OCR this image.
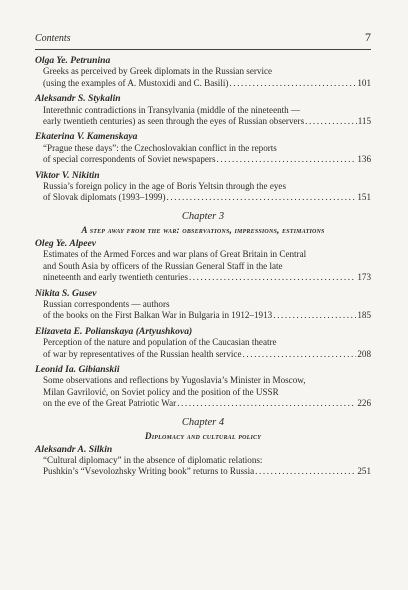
Contents	7
Olga Ye. Petrunina
Greeks as perceived by Greek diplomats in the Russian service
(using the examples of A. Mustoxidi and C. Basili) .....	101
Aleksandr S. Stykalin
Interethnic contradictions in Transylvania (middle of the nineteenth —
early twentieth centuries) as seen through the eyes of Russian observers .....	115
Ekaterina V. Kamenskaya
“Prague these days”: the Czechoslovakian conflict in the reports
of special correspondents of Soviet newspapers .....	136
Viktor V. Nikitin
Russia’s foreign policy in the age of Boris Yeltsin through the eyes
of Slovak diplomats (1993–1999) .....	151
Chapter 3
A step away from the war: observations, impressions, estimations
Oleg Ye. Alpeev
Estimates of the Armed Forces and war plans of Great Britain in Central
and South Asia by officers of the Russian General Staff in the late
nineteenth and early twentieth centuries .....	173
Nikita S. Gusev
Russian correspondents — authors
of the books on the First Balkan War in Bulgaria in 1912–1913 .....	185
Elizaveta E. Polianskaya (Artyushkova)
Perception of the nature and population of the Caucasian theatre
of war by representatives of the Russian health service .....	208
Leonid Ia. Gibianskii
Some observations and reflections by Yugoslavia’s Minister in Moscow,
Milan Gavrilović, on Soviet policy and the position of the USSR
on the eve of the Great Patriotic War .....	226
Chapter 4
Diplomacy and cultural policy
Aleksandr A. Silkin
“Cultural diplomacy” in the absence of diplomatic relations:
Pushkin’s “Vsevolozhsky Writing book” returns to Russia .....	251
